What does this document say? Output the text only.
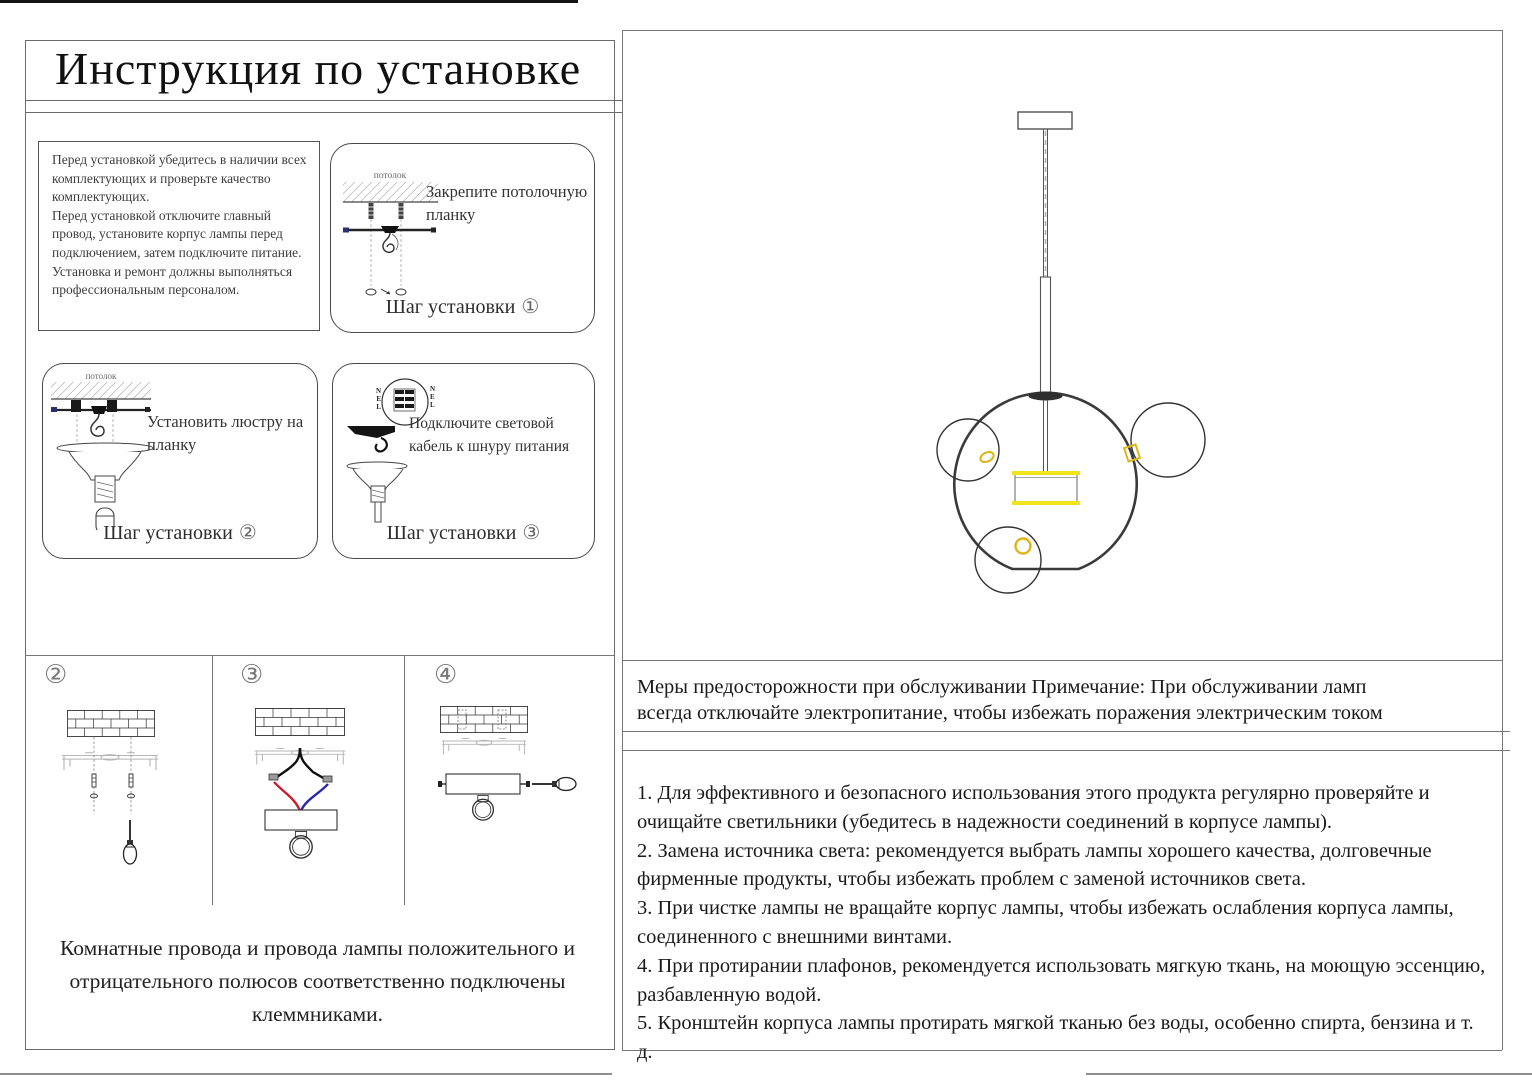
Инструкция по установке

Перед установкой убедитесь в наличии всех комплектующих и проверьте качество комплектующих.

Перед установкой отключите главный провод, установите корпус лампы перед подключением, затем подключите питание.

Установка и ремонт должны выполняться профессиональным персоналом.

потолок
Закрепите потолочную планку
Шаг установки ①
потолок
Установить люстру на планку
Шаг установки ②
N
E
L
N
E
L
Подключите световой кабель к шнуру питания
Шаг установки ③
②	③	④
Комнатные провода и провода лампы положительного и отрицательного полюсов соответственно подключены клеммниками.
Меры предосторожности при обслуживании Примечание: При обслуживании ламп всегда отключайте электропитание, чтобы избежать поражения электрическим током

1. Для эффективного и безопасного использования этого продукта регулярно проверяйте и очищайте светильники (убедитесь в надежности соединений в корпусе лампы).

2. Замена источника света: рекомендуется выбрать лампы хорошего качества, долговечные фирменные продукты, чтобы избежать проблем с заменой источников света.

3. При чистке лампы не вращайте корпус лампы, чтобы избежать ослабления корпуса лампы, соединенного с внешними винтами.

4. При протирании плафонов, рекомендуется использовать мягкую ткань, на моющую эссенцию, разбавленную водой.

5. Кронштейн корпуса лампы протирать мягкой тканью без воды, особенно спирта, бензина и т. д.
